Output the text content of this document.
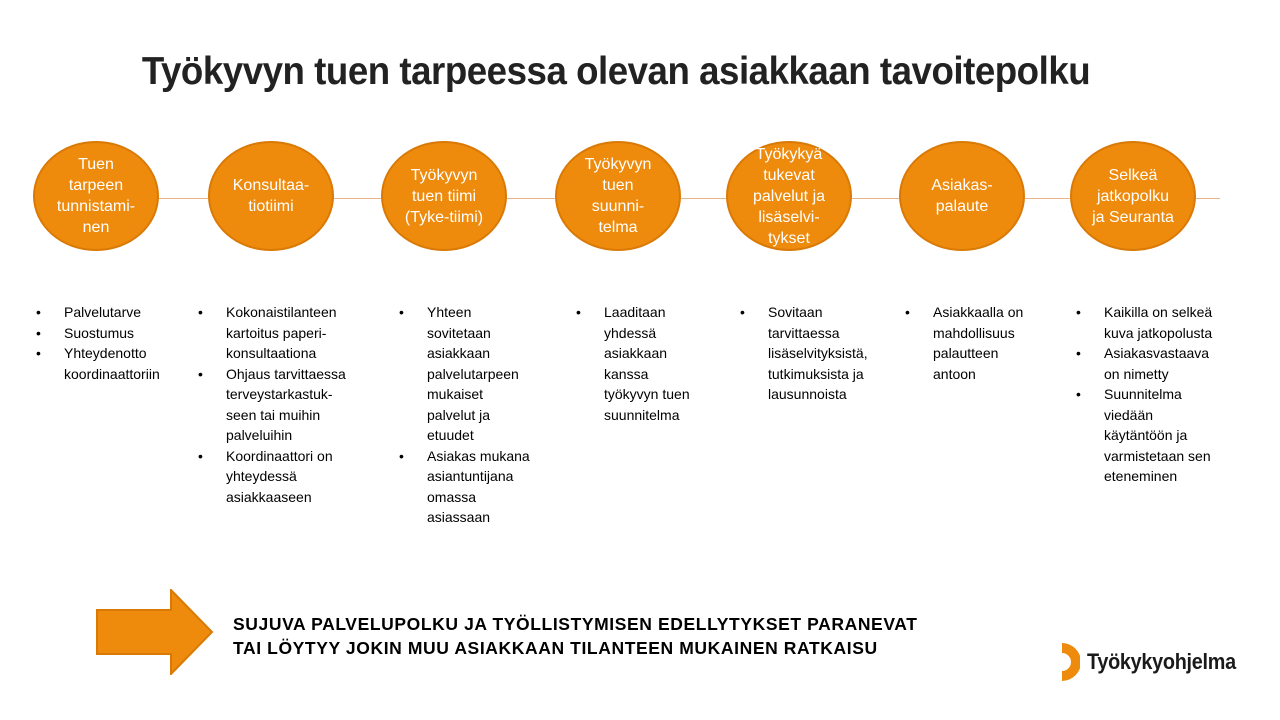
Työkyvyn tuen tarpeessa olevan asiakkaan tavoitepolku
Tuen
tarpeen
tunnistami-
nen
Konsultaa-
tiotiimi
Työkyvyn
tuen tiimi
(Tyke-tiimi)
Työkyvyn
tuen
suunni-
telma
Työkykyä
tukevat
palvelut ja
lisäselvi-
tykset
Asiakas-
palaute
Selkeä
jatkopolku
ja Seuranta
• Palvelutarve
• Suostumus
• Yhteydenotto
koordinaattoriin
• Kokonaistilanteen
kartoitus paperi-
konsultaationa
• Ohjaus tarvittaessa
terveystarkastuk-
seen tai muihin
palveluihin
• Koordinaattori on
yhteydessä
asiakkaaseen
• Yhteen
sovitetaan
asiakkaan
palvelutarpeen
mukaiset
palvelut ja
etuudet
• Asiakas mukana
asiantuntijana
omassa
asiassaan
• Laaditaan
yhdessä
asiakkaan
kanssa
työkyvyn tuen
suunnitelma
• Sovitaan
tarvittaessa
lisäselvityksistä,
tutkimuksista ja
lausunnoista
• Asiakkaalla on
mahdollisuus
palautteen
antoon
• Kaikilla on selkeä
kuva jatkopolusta
• Asiakasvastaava
on nimetty
• Suunnitelma
viedään
käytäntöön ja
varmistetaan sen
eteneminen
SUJUVA PALVELUPOLKU JA TYÖLLISTYMISEN EDELLYTYKSET PARANEVAT
TAI LÖYTYY JOKIN MUU ASIAKKAAN TILANTEEN MUKAINEN RATKAISU
Työkykyohjelma
